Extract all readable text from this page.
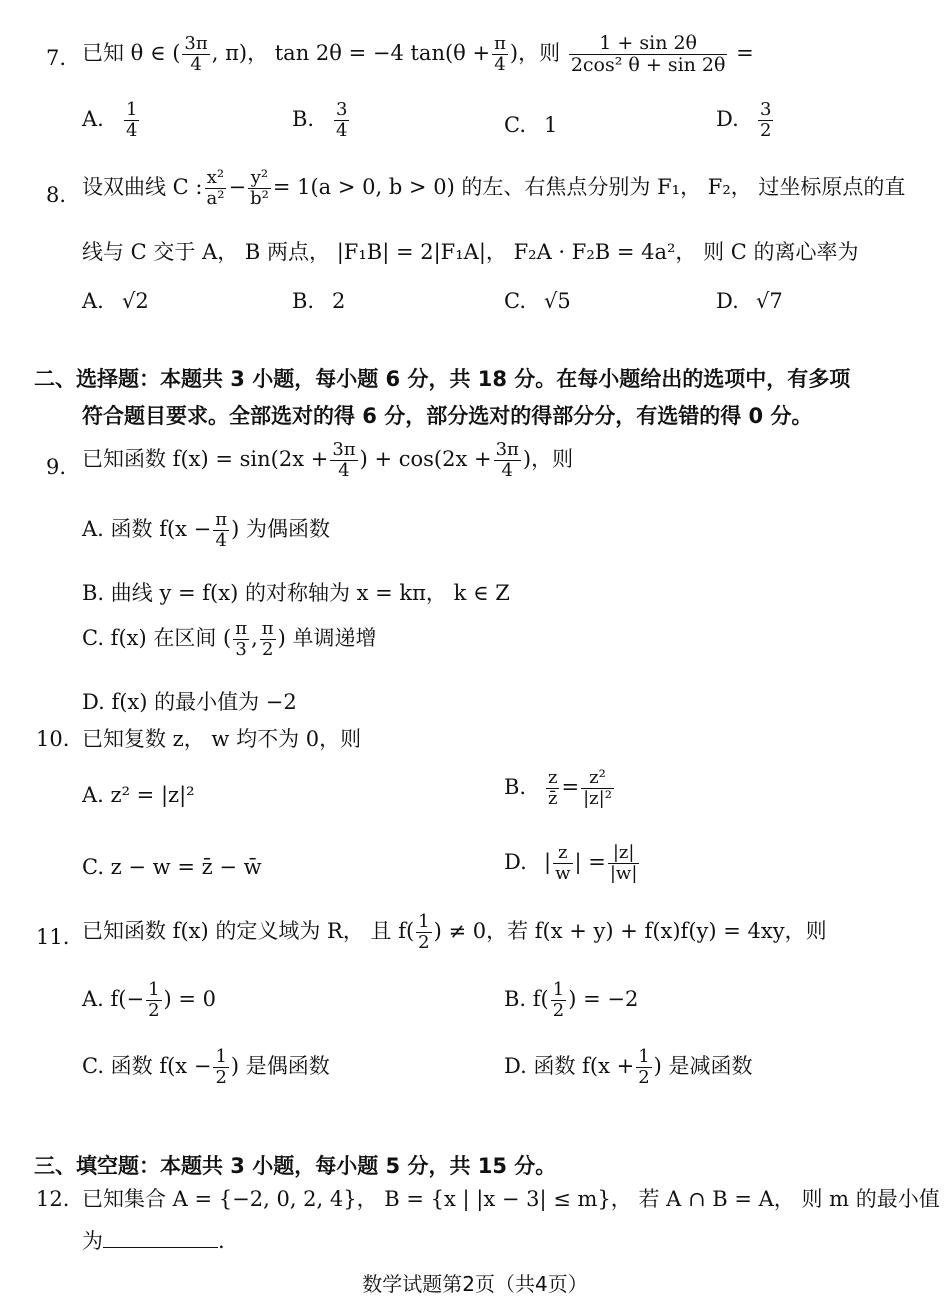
7. 已知 θ ∈ ( $\frac{3\pi}{4}$ , π)， tan 2θ = −4 $\tan(\theta + \frac{\pi}{4}$ )，则 $\frac{1 + \sin 2\theta}{\text{2cos² θ + sin 2θ}}$ =
A. $\frac{1}{4}$	B. $\frac{3}{4}$	C. 1	D. $\frac{3}{2}$
8. 设双曲线 C : $\frac{\text{x²}}{\text{a²}} - \frac{\text{y²}}{\text{b²}} = 1(a > 0$, b > 0) 的左、右焦点分别为 F₁， F₂， 过坐标原点的直
线与 C 交于 A， B 两点， |F₁B| = 2|F₁A|， F₂A · F₂B = 4a²， 则 C 的离心率为
A. √2	B. 2	C. √5	D. √7
二、选择题：本题共 3 小题，每小题 6 分，共 18 分。在每小题给出的选项中，有多项
符合题目要求。全部选对的得 6 分，部分选对的得部分分，有选错的得 0 分。
9. 已知函数 $f(x) = \sin(2x + \frac{3\pi}{4}$ ) + $\cos(2x + \frac{3\pi}{4}$ )，则
A. 函数 $f(x - \frac{\pi}{4}$ ) 为偶函数
B. 曲线 y = f(x) 的对称轴为 x = kπ， k ∈ Z
C. f(x) 在区间 ( $\frac{\pi}{3}$ , $\frac{\pi}{2}$ ) 单调递增
D. f(x) 的最小值为 −2
10. 已知复数 z， w 均不为 0，则
A. z² = |z|²	B. $\frac{z}{z̄} = \frac{\text{z²}}{\text{|z|²}}$
C. z − w = z̄ − w̄	D. | $\frac{z}{w}$ | = $\frac{|z|}{|w|}$
11. 已知函数 f(x) 的定义域为 R， 且 $f( \frac{1}{2}$ ) ≠ 0，若 f(x + y) + f(x)f(y) = 4xy，则
A. $f(- \frac{1}{2}$ ) = 0	B. $f( \frac{1}{2}$ ) = −2
C. 函数 $f(x - \frac{1}{2}$ ) 是偶函数	D. 函数 $f(x + \frac{1}{2}$ ) 是减函数
三、填空题：本题共 3 小题，每小题 5 分，共 15 分。
12. 已知集合 A = {−2, 0, 2, 4}， B = {x | |x − 3| ≤ m}， 若 A ∩ B = A， 则 m 的最小值
为	.
数学试题第2页（共4页）
